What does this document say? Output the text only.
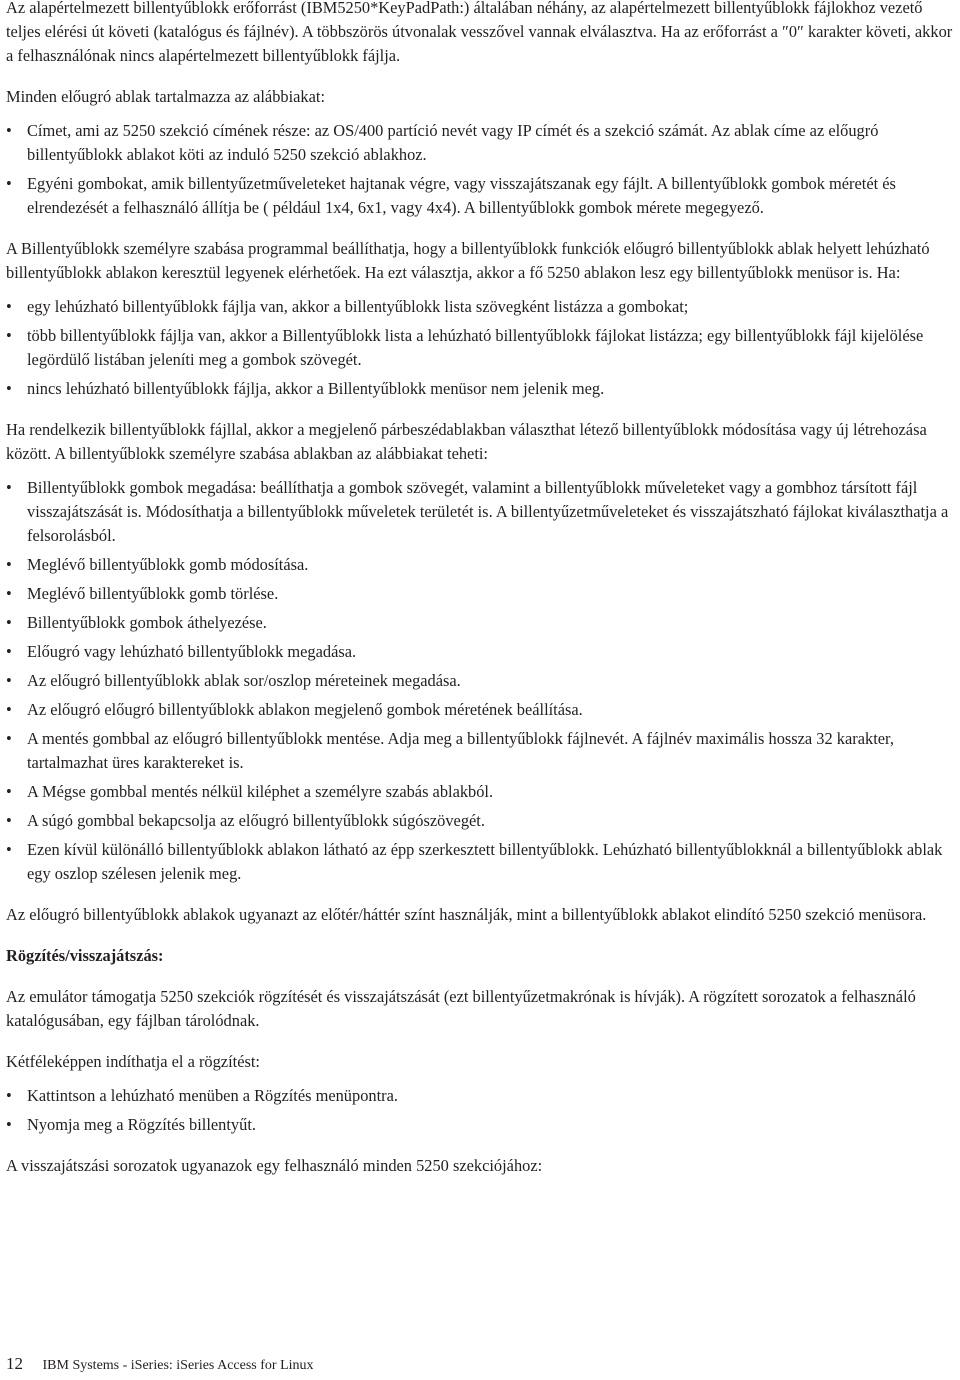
Az alapértelmezett billentyűblokk erőforrást (IBM5250*KeyPadPath:) általában néhány, az alapértelmezett billentyűblokk fájlokhoz vezető teljes elérési út követi (katalógus és fájlnév). A többszörös útvonalak vesszővel vannak elválasztva. Ha az erőforrást a ″0″ karakter követi, akkor a felhasználónak nincs alapértelmezett billentyűblokk fájlja.

Minden előugró ablak tartalmazza az alábbiakat:

• Címet, ami az 5250 szekció címének része: az OS/400 partíció nevét vagy IP címét és a szekció számát. Az ablak címe az előugró billentyűblokk ablakot köti az induló 5250 szekció ablakhoz.
• Egyéni gombokat, amik billentyűzetműveleteket hajtanak végre, vagy visszajátszanak egy fájlt. A billentyűblokk gombok méretét és elrendezését a felhasználó állítja be ( például 1x4, 6x1, vagy 4x4). A billentyűblokk gombok mérete megegyező.

A Billentyűblokk személyre szabása programmal beállíthatja, hogy a billentyűblokk funkciók előugró billentyűblokk ablak helyett lehúzható billentyűblokk ablakon keresztül legyenek elérhetőek. Ha ezt választja, akkor a fő 5250 ablakon lesz egy billentyűblokk menüsor is. Ha:

• egy lehúzható billentyűblokk fájlja van, akkor a billentyűblokk lista szövegként listázza a gombokat;
• több billentyűblokk fájlja van, akkor a Billentyűblokk lista a lehúzható billentyűblokk fájlokat listázza; egy billentyűblokk fájl kijelölése legördülő listában jeleníti meg a gombok szövegét.
• nincs lehúzható billentyűblokk fájlja, akkor a Billentyűblokk menüsor nem jelenik meg.

Ha rendelkezik billentyűblokk fájllal, akkor a megjelenő párbeszédablakban választhat létező billentyűblokk módosítása vagy új létrehozása között. A billentyűblokk személyre szabása ablakban az alábbiakat teheti:

• Billentyűblokk gombok megadása: beállíthatja a gombok szövegét, valamint a billentyűblokk műveleteket vagy a gombhoz társított fájl visszajátszását is. Módosíthatja a billentyűblokk műveletek területét is. A billentyűzetműveleteket és visszajátszható fájlokat kiválaszthatja a felsorolásból.
• Meglévő billentyűblokk gomb módosítása.
• Meglévő billentyűblokk gomb törlése.
• Billentyűblokk gombok áthelyezése.
• Előugró vagy lehúzható billentyűblokk megadása.
• Az előugró billentyűblokk ablak sor/oszlop méreteinek megadása.
• Az előugró előugró billentyűblokk ablakon megjelenő gombok méretének beállítása.
• A mentés gombbal az előugró billentyűblokk mentése. Adja meg a billentyűblokk fájlnevét. A fájlnév maximális hossza 32 karakter, tartalmazhat üres karaktereket is.
• A Mégse gombbal mentés nélkül kiléphet a személyre szabás ablakból.
• A súgó gombbal bekapcsolja az előugró billentyűblokk súgószövegét.
• Ezen kívül különálló billentyűblokk ablakon látható az épp szerkesztett billentyűblokk. Lehúzható billentyűblokknál a billentyűblokk ablak egy oszlop szélesen jelenik meg.

Az előugró billentyűblokk ablakok ugyanazt az előtér/háttér színt használják, mint a billentyűblokk ablakot elindító 5250 szekció menüsora.

Rögzítés/visszajátszás:

Az emulátor támogatja 5250 szekciók rögzítését és visszajátszását (ezt billentyűzetmakrónak is hívják). A rögzített sorozatok a felhasználó katalógusában, egy fájlban tárolódnak.

Kétféleképpen indíthatja el a rögzítést:

• Kattintson a lehúzható menüben a Rögzítés menüpontra.
• Nyomja meg a Rögzítés billentyűt.

A visszajátszási sorozatok ugyanazok egy felhasználó minden 5250 szekciójához:

12 IBM Systems - iSeries: iSeries Access for Linux
